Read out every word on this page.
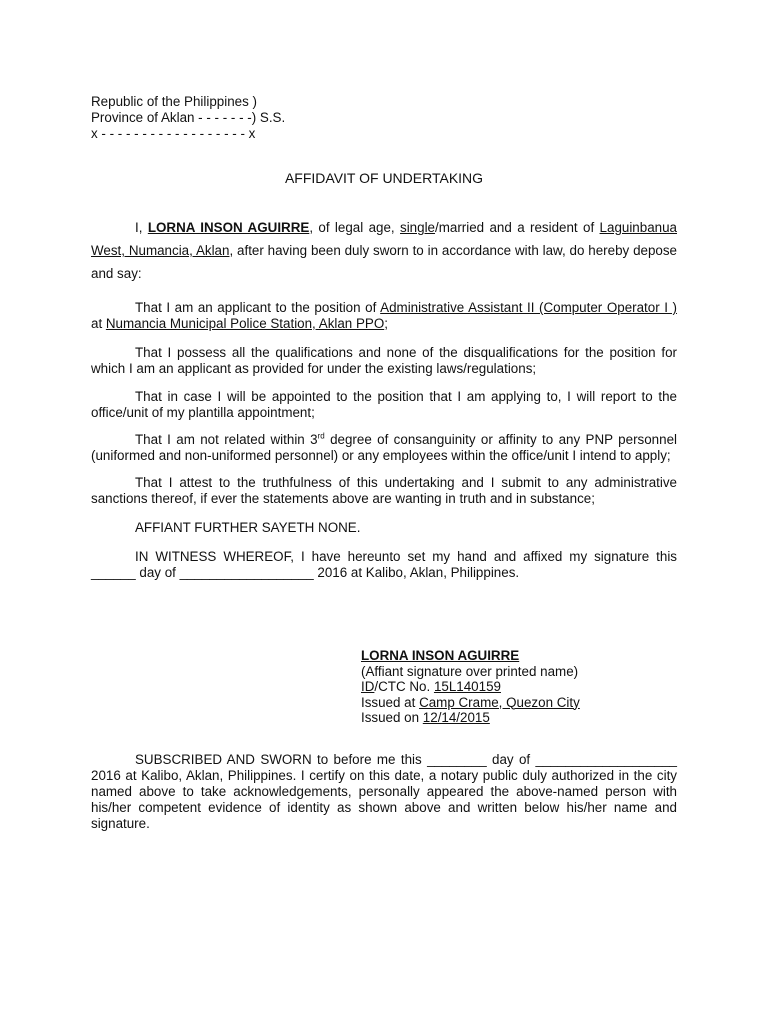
Republic of the Philippines )
Province of Aklan - - - - - - -) S.S.
x - - - - - - - - - - - - - - - - - - x
AFFIDAVIT OF UNDERTAKING

I, LORNA INSON AGUIRRE, of legal age, single/married and a resident of Laguinbanua West, Numancia, Aklan, after having been duly sworn to in accordance with law, do hereby depose and say:

That I am an applicant to the position of Administrative Assistant II (Computer Operator I ) at Numancia Municipal Police Station, Aklan PPO;

That I possess all the qualifications and none of the disqualifications for the position for which I am an applicant as provided for under the existing laws/regulations;

That in case I will be appointed to the position that I am applying to, I will report to the office/unit of my plantilla appointment;

That I am not related within 3rd degree of consanguinity or affinity to any PNP personnel (uniformed and non-uniformed personnel) or any employees within the office/unit I intend to apply;

That I attest to the truthfulness of this undertaking and I submit to any administrative sanctions thereof, if ever the statements above are wanting in truth and in substance;

AFFIANT FURTHER SAYETH NONE.

IN WITNESS WHEREOF, I have hereunto set my hand and affixed my signature this ______ day of __________________ 2016 at Kalibo, Aklan, Philippines.

LORNA INSON AGUIRRE
(Affiant signature over printed name)
ID/CTC No. 15L140159
Issued at Camp Crame, Quezon City
Issued on 12/14/2015

SUBSCRIBED AND SWORN to before me this ________ day of ___________________ 2016 at Kalibo, Aklan, Philippines. I certify on this date, a notary public duly authorized in the city named above to take acknowledgements, personally appeared the above-named person with his/her competent evidence of identity as shown above and written below his/her name and signature.
